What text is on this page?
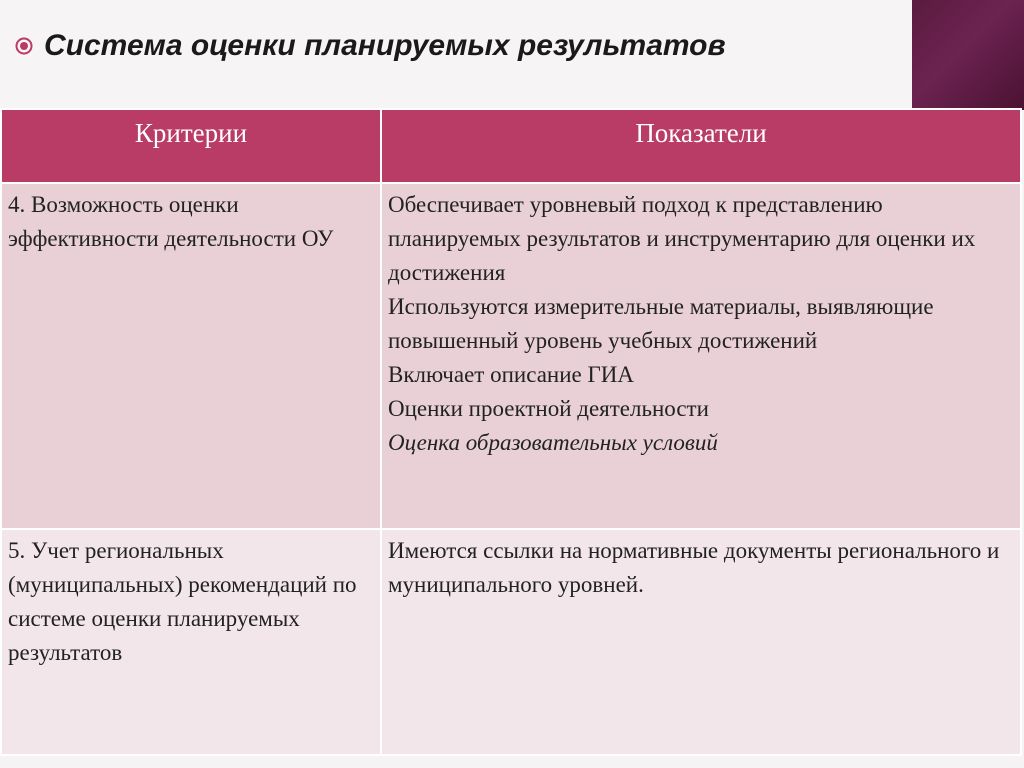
Система оценки планируемых результатов
Критерии	Показатели
4. Возможность оценки эффективности деятельности ОУ	Обеспечивает уровневый подход к представлению планируемых результатов и инструментарию для оценки их достижения
Используются измерительные материалы, выявляющие повышенный уровень учебных достижений
Включает описание ГИА
Оценки проектной деятельности
Оценка образовательных условий

5. Учет региональных (муниципальных) рекомендаций по системе оценки планируемых результатов	Имеются ссылки на нормативные документы регионального и муниципального уровней.
